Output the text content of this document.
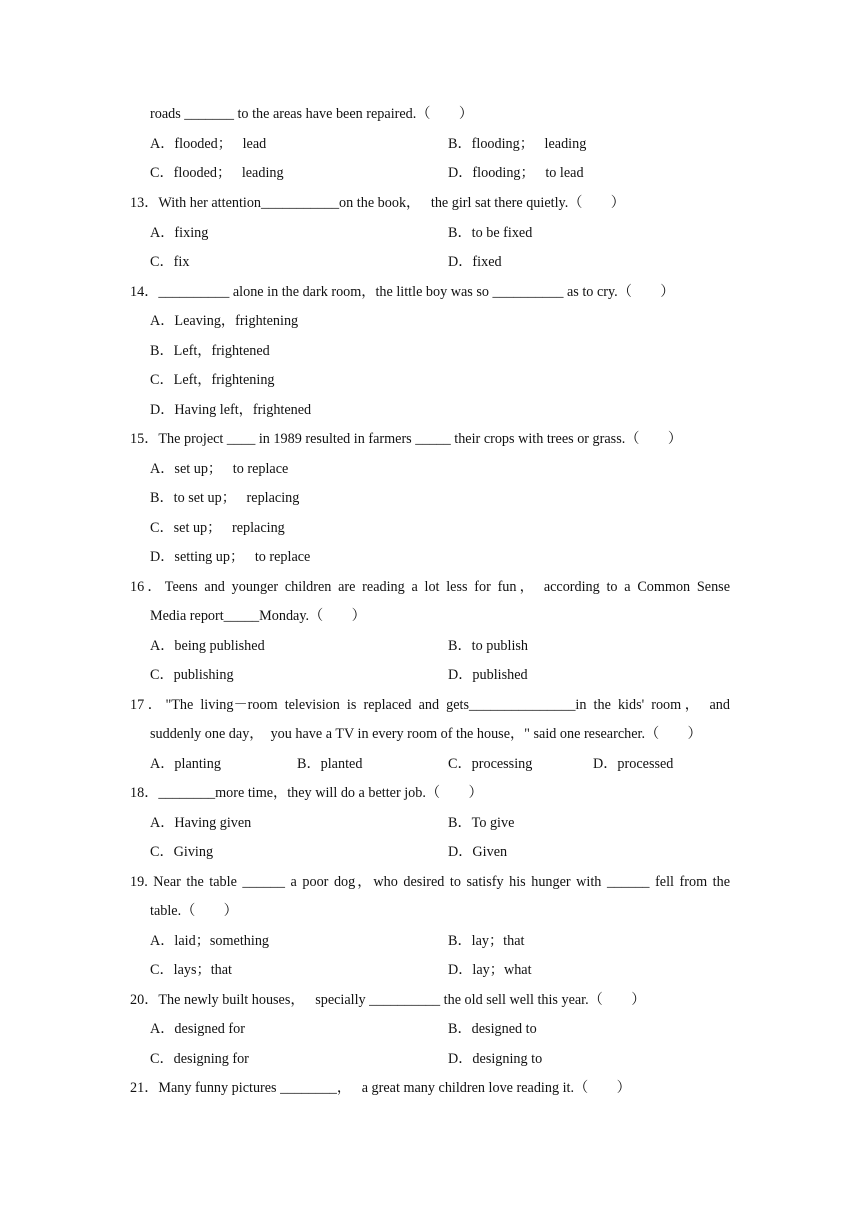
roads _______ to the areas have been repaired.（        ）
A．flooded；   lead	B．flooding；   leading
C．flooded；   leading	D．flooding；   to lead
13．With her attention___________on the book，   the girl sat there quietly.（        ）
A．fixing	B．to be fixed
C．fix	D．fixed
14．__________ alone in the dark room，the little boy was so __________ as to cry.（        ）
A．Leaving，frightening
B．Left，frightened
C．Left，frightening
D．Having left，frightened
15．The project ____ in 1989 resulted in farmers _____ their crops with trees or grass.（        ）
A．set up；   to replace
B．to set up；   replacing
C．set up；   replacing
D．setting up；   to replace
16．Teens and younger children are reading a lot less for fun， according to a Common Sense
Media report_____Monday.（        ）
A．being published	B．to publish
C．publishing	D．published
17．"The living－room television is replaced and gets_______________in the kids' room， and
suddenly one day，  you have a TV in every room of the house，" said one researcher.（        ）
A．planting	B．planted	C．processing	D．processed
18．________more time，they will do a better job.（        ）
A．Having given	B．To give
C．Giving	D．Given
19. Near the table ______ a poor dog，who desired to satisfy his hunger with ______ fell from the
table.（        ）
A．laid；something	B．lay；that
C．lays；that	D．lay；what
20．The newly built houses，   specially __________ the old sell well this year.（        ）
A．designed for	B．designed to
C．designing for	D．designing to
21．Many funny pictures ________，   a great many children love reading it.（        ）
